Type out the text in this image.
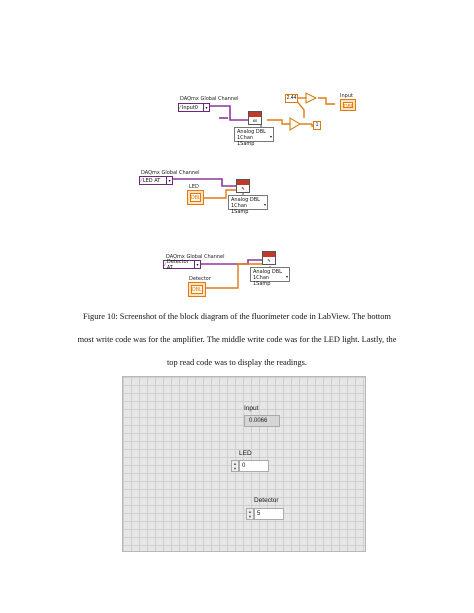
DAQmx Global Channel
⁄ Input0	▾
60
Analog DBL
1Chan 1Samp
▾
2.44
1
Input
DBL
DAQmx Global Channel
⁄ LED AT	▾
✎
Analog DBL
1Chan 1Samp
▾
LED
DBL
DAQmx Global Channel
⁄ Detector AT	▾
✎
Analog DBL
1Chan 1Samp
▾
Detector
DBL
Figure 10: Screenshot of the block diagram of the fluorimeter code in LabView. The bottom
most write code was for the amplifier. The middle write code was for the LED light. Lastly, the
top read code was to display the readings.
Input
0.0066
LED
▲
▼ 0
Detector
▲
▼ 5
